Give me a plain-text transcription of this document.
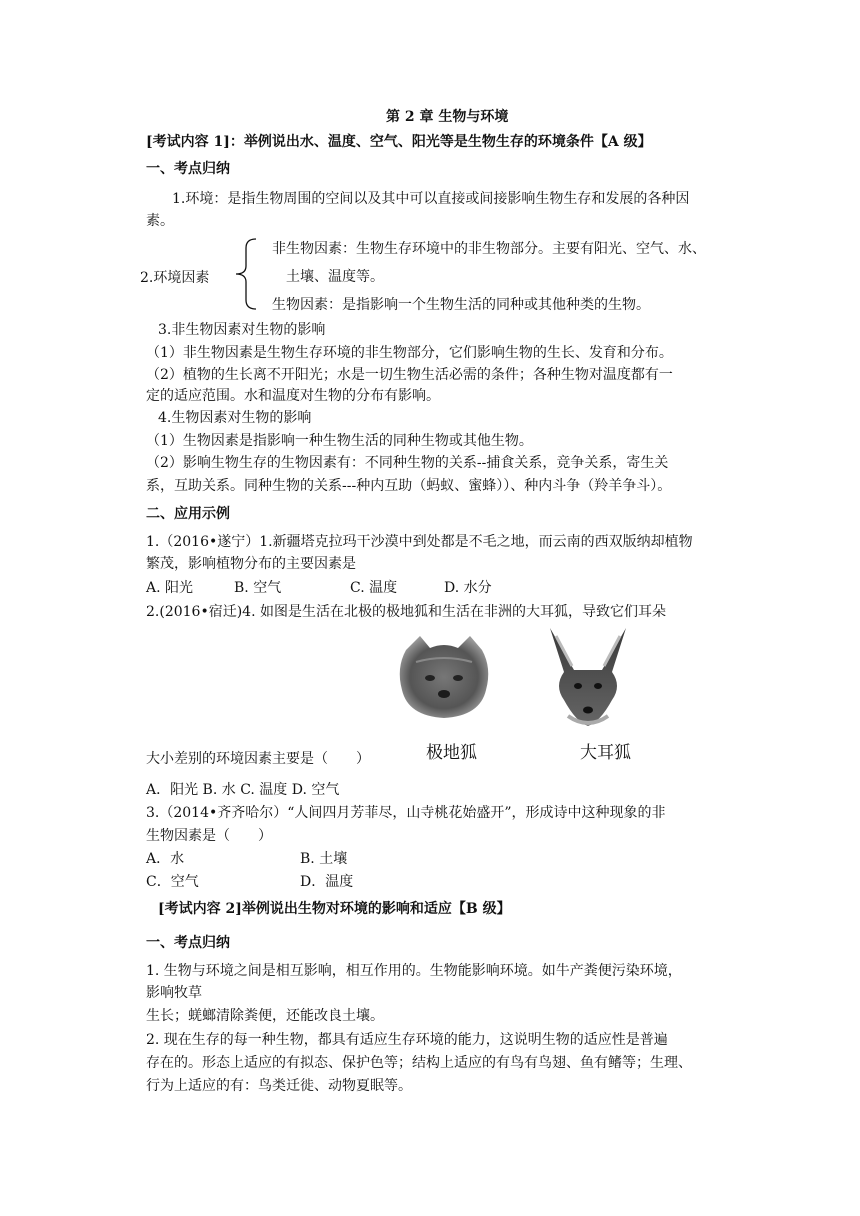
第 2 章 生物与环境
[考试内容 1]：举例说出水、温度、空气、阳光等是生物生存的环境条件【A 级】
一、考点归纳
1.环境：是指生物周围的空间以及其中可以直接或间接影响生物生存和发展的各种因
素。
2.环境因素
非生物因素：生物生存环境中的非生物部分。主要有阳光、空气、水、
土壤、温度等。
生物因素：是指影响一个生物生活的同种或其他种类的生物。
3.非生物因素对生物的影响
（1）非生物因素是生物生存环境的非生物部分，它们影响生物的生长、发育和分布。
（2）植物的生长离不开阳光；水是一切生物生活必需的条件；各种生物对温度都有一
定的适应范围。水和温度对生物的分布有影响。
4.生物因素对生物的影响
（1）生物因素是指影响一种生物生活的同种生物或其他生物。
（2）影响生物生存的生物因素有：不同种生物的关系--捕食关系，竞争关系，寄生关
系，互助关系。同种生物的关系---种内互助（蚂蚁、蜜蜂））、种内斗争（羚羊争斗）。
二、应用示例
1.（2016•遂宁）1.新疆塔克拉玛干沙漠中到处都是不毛之地，而云南的西双版纳却植物
繁茂，影响植物分布的主要因素是
A. 阳光	B. 空气	C. 温度	D. 水分
2.(2016•宿迁)4. 如图是生活在北极的极地狐和生活在非洲的大耳狐，导致它们耳朵
大小差别的环境因素主要是（　　）	极地狐	大耳狐
A．阳光 B. 水 C. 温度 D. 空气
3.（2014•齐齐哈尔）“人间四月芳菲尽，山寺桃花始盛开”，形成诗中这种现象的非
生物因素是（　　）
A．水	B. 土壤
C．空气	D．温度
[考试内容 2]举例说出生物对环境的影响和适应【B 级】
一、考点归纳
1. 生物与环境之间是相互影响，相互作用的。生物能影响环境。如牛产粪便污染环境，
影响牧草
生长；蜣螂清除粪便，还能改良土壤。
2. 现在生存的每一种生物，都具有适应生存环境的能力，这说明生物的适应性是普遍
存在的。形态上适应的有拟态、保护色等；结构上适应的有鸟有鸟翅、鱼有鳍等；生理、
行为上适应的有：鸟类迁徙、动物夏眠等。
